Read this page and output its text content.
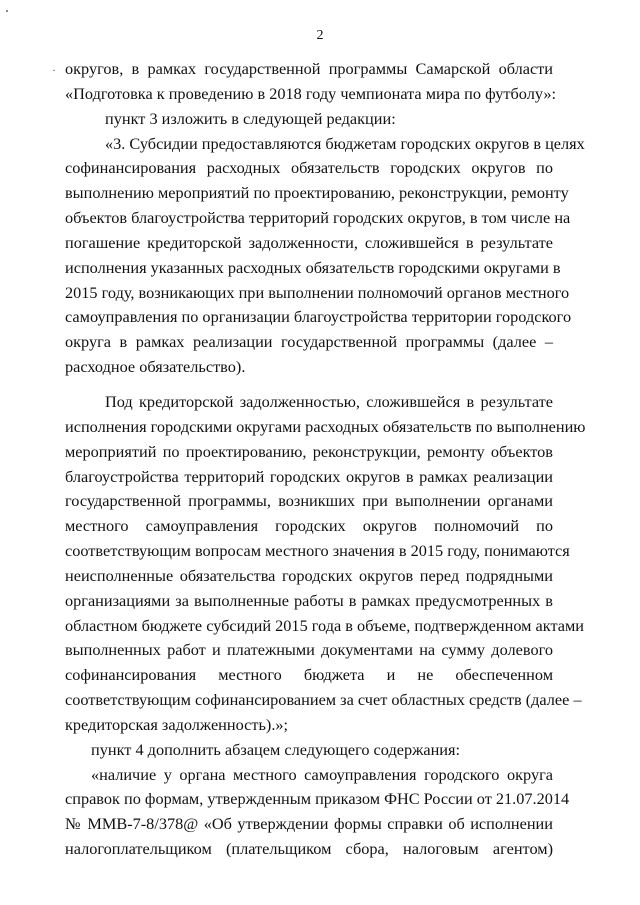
2
· округов, в рамках государственной программы Самарской области
«Подготовка к проведению в 2018 году чемпионата мира по футболу»:
пункт 3 изложить в следующей редакции:
«3. Субсидии предоставляются бюджетам городских округов в целях
софинансирования расходных обязательств городских округов по
выполнению мероприятий по проектированию, реконструкции, ремонту
объектов благоустройства территорий городских округов, в том числе на
погашение кредиторской задолженности, сложившейся в результате
исполнения указанных расходных обязательств городскими округами в
2015 году, возникающих при выполнении полномочий органов местного
самоуправления по организации благоустройства территории городского
округа в рамках реализации государственной программы (далее –
расходное обязательство).
Под кредиторской задолженностью, сложившейся в результате
исполнения городскими округами расходных обязательств по выполнению
мероприятий по проектированию, реконструкции, ремонту объектов
благоустройства территорий городских округов в рамках реализации
государственной программы, возникших при выполнении органами
местного самоуправления городских округов полномочий по
соответствующим вопросам местного значения в 2015 году, понимаются
неисполненные обязательства городских округов перед подрядными
организациями за выполненные работы в рамках предусмотренных в
областном бюджете субсидий 2015 года в объеме, подтвержденном актами
выполненных работ и платежными документами на сумму долевого
софинансирования местного бюджета и не обеспеченном
соответствующим софинансированием за счет областных средств (далее –
кредиторская задолженность).»;
пункт 4 дополнить абзацем следующего содержания:
«наличие у органа местного самоуправления городского округа
справок по формам, утвержденным приказом ФНС России от 21.07.2014
№ ММВ-7-8/378@ «Об утверждении формы справки об исполнении
налогоплательщиком (плательщиком сбора, налоговым агентом)
